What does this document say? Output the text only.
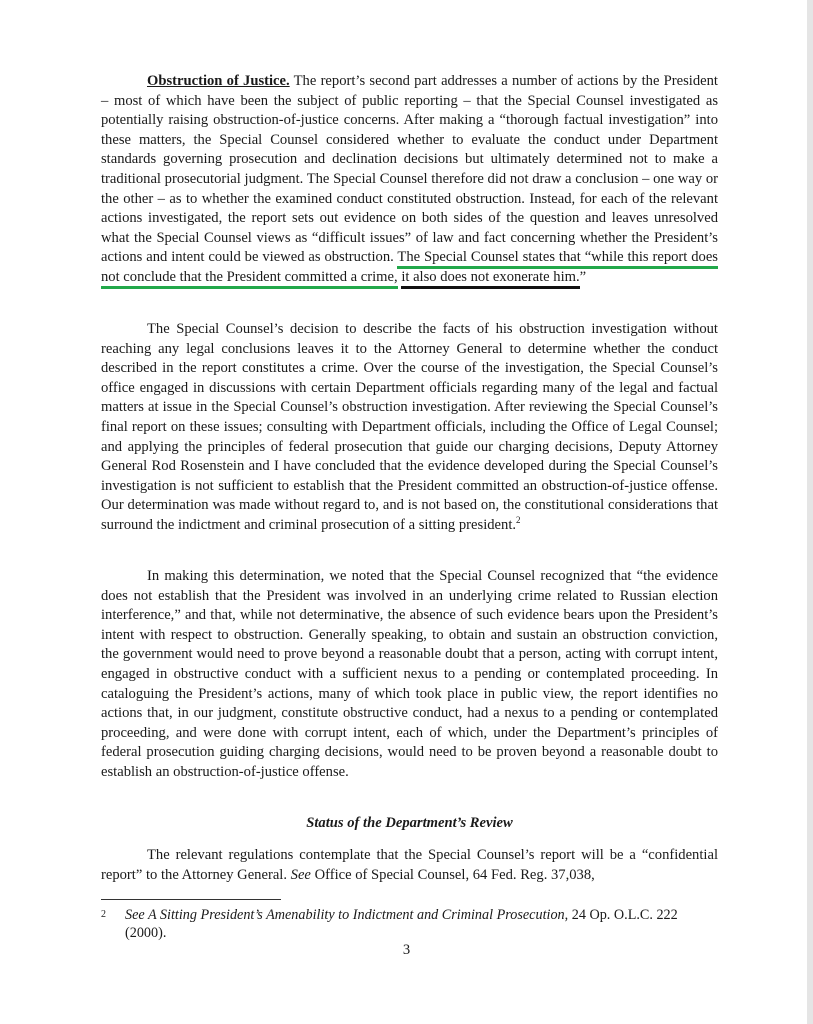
Obstruction of Justice. The report’s second part addresses a number of actions by the President – most of which have been the subject of public reporting – that the Special Counsel investigated as potentially raising obstruction-of-justice concerns. After making a “thorough factual investigation” into these matters, the Special Counsel considered whether to evaluate the conduct under Department standards governing prosecution and declination decisions but ultimately determined not to make a traditional prosecutorial judgment. The Special Counsel therefore did not draw a conclusion – one way or the other – as to whether the examined conduct constituted obstruction. Instead, for each of the relevant actions investigated, the report sets out evidence on both sides of the question and leaves unresolved what the Special Counsel views as “difficult issues” of law and fact concerning whether the President’s actions and intent could be viewed as obstruction. The Special Counsel states that “while this report does not conclude that the President committed a crime, it also does not exonerate him.”

The Special Counsel’s decision to describe the facts of his obstruction investigation without reaching any legal conclusions leaves it to the Attorney General to determine whether the conduct described in the report constitutes a crime. Over the course of the investigation, the Special Counsel’s office engaged in discussions with certain Department officials regarding many of the legal and factual matters at issue in the Special Counsel’s obstruction investigation. After reviewing the Special Counsel’s final report on these issues; consulting with Department officials, including the Office of Legal Counsel; and applying the principles of federal prosecution that guide our charging decisions, Deputy Attorney General Rod Rosenstein and I have concluded that the evidence developed during the Special Counsel’s investigation is not sufficient to establish that the President committed an obstruction-of-justice offense. Our determination was made without regard to, and is not based on, the constitutional considerations that surround the indictment and criminal prosecution of a sitting president.$^2$

In making this determination, we noted that the Special Counsel recognized that “the evidence does not establish that the President was involved in an underlying crime related to Russian election interference,” and that, while not determinative, the absence of such evidence bears upon the President’s intent with respect to obstruction. Generally speaking, to obtain and sustain an obstruction conviction, the government would need to prove beyond a reasonable doubt that a person, acting with corrupt intent, engaged in obstructive conduct with a sufficient nexus to a pending or contemplated proceeding. In cataloguing the President’s actions, many of which took place in public view, the report identifies no actions that, in our judgment, constitute obstructive conduct, had a nexus to a pending or contemplated proceeding, and were done with corrupt intent, each of which, under the Department’s principles of federal prosecution guiding charging decisions, would need to be proven beyond a reasonable doubt to establish an obstruction-of-justice offense.

Status of the Department’s Review

The relevant regulations contemplate that the Special Counsel’s report will be a “confidential report” to the Attorney General. See Office of Special Counsel, 64 Fed. Reg. 37,038,

2 See A Sitting President’s Amenability to Indictment and Criminal Prosecution, 24 Op. O.L.C. 222 (2000).
3
